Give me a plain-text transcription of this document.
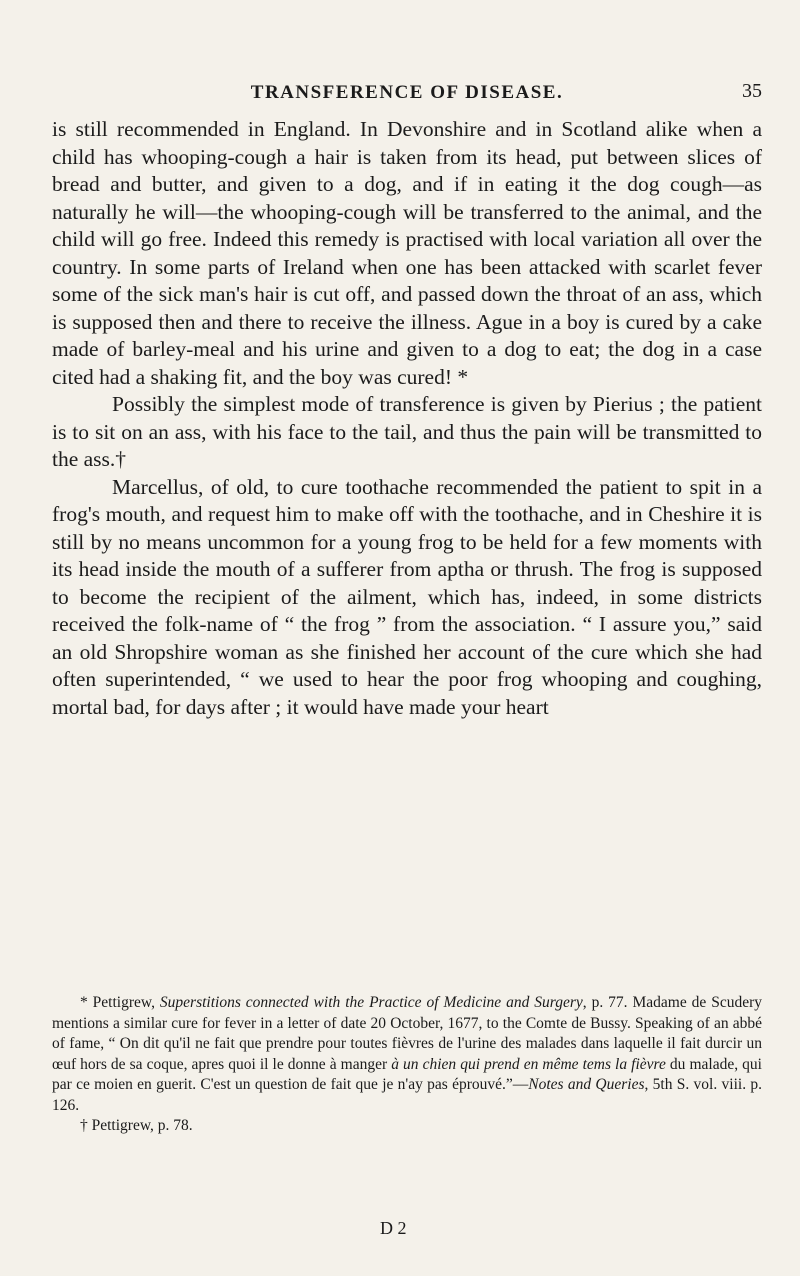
TRANSFERENCE OF DISEASE.	35

is still recommended in England. In Devonshire and in Scotland alike when a child has whooping-cough a hair is taken from its head, put between slices of bread and butter, and given to a dog, and if in eating it the dog cough—as naturally he will—the whooping-cough will be transferred to the animal, and the child will go free. Indeed this remedy is practised with local variation all over the country. In some parts of Ireland when one has been attacked with scarlet fever some of the sick man's hair is cut off, and passed down the throat of an ass, which is supposed then and there to receive the illness. Ague in a boy is cured by a cake made of barley-meal and his urine and given to a dog to eat; the dog in a case cited had a shaking fit, and the boy was cured! *

Possibly the simplest mode of transference is given by Pierius ; the patient is to sit on an ass, with his face to the tail, and thus the pain will be transmitted to the ass.†

Marcellus, of old, to cure toothache recommended the patient to spit in a frog's mouth, and request him to make off with the toothache, and in Cheshire it is still by no means uncommon for a young frog to be held for a few moments with its head inside the mouth of a sufferer from aptha or thrush. The frog is supposed to become the recipient of the ailment, which has, indeed, in some districts received the folk-name of “ the frog ” from the association. “ I assure you,” said an old Shropshire woman as she finished her account of the cure which she had often superintended, “ we used to hear the poor frog whooping and coughing, mortal bad, for days after ; it would have made your heart

* Pettigrew, Superstitions connected with the Practice of Medicine and Surgery, p. 77. Madame de Scudery mentions a similar cure for fever in a letter of date 20 October, 1677, to the Comte de Bussy. Speaking of an abbé of fame, “ On dit qu'il ne fait que prendre pour toutes fièvres de l'urine des malades dans laquelle il fait durcir un œuf hors de sa coque, apres quoi il le donne à manger à un chien qui prend en même tems la fièvre du malade, qui par ce moien en guerit. C'est un question de fait que je n'ay pas éprouvé.”—Notes and Queries, 5th S. vol. viii. p. 126.

† Pettigrew, p. 78.

D 2
